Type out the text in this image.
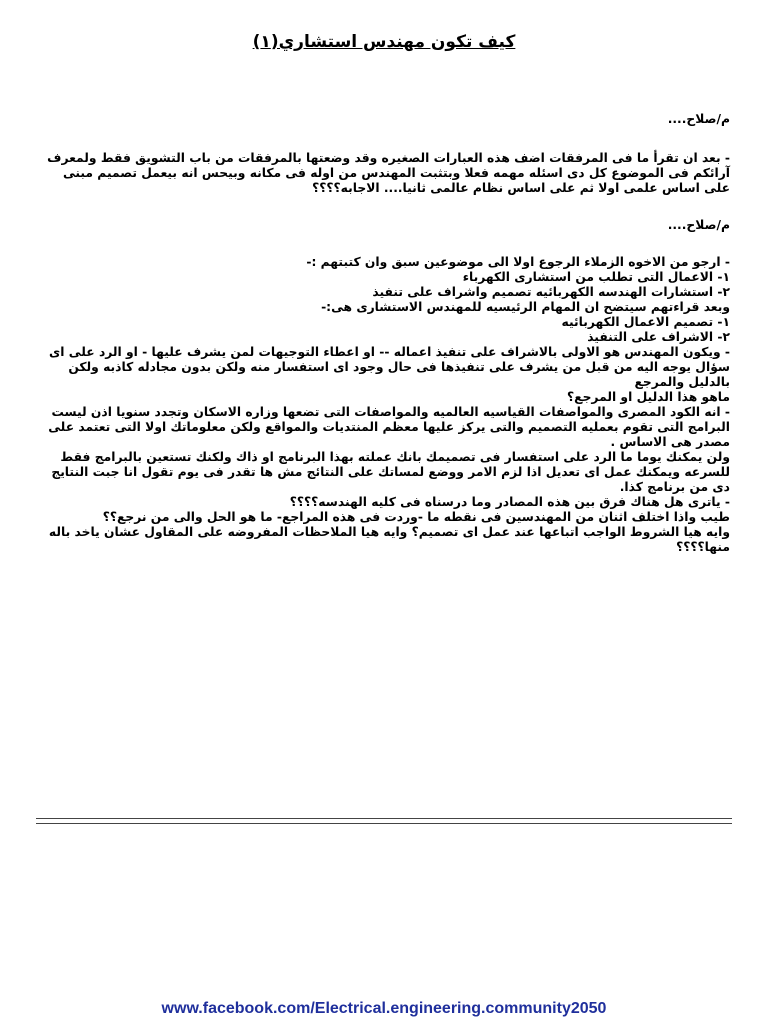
كيف تكون مهندس استشاري(١)

م/صلاح....

- بعد ان تقرأ ما فى المرفقات اضف هذه العبارات الصغيره وقد وضعتها بالمرفقات من باب التشويق فقط ولمعرف آرائكم فى الموضوع كل دى اسئله مهمه فعلا وبتثبت المهندس من اوله فى مكانه وبيحس انه بيعمل تصميم مبنى على اساس علمى اولا ثم على اساس نظام عالمى ثانيا.... الاجابه؟؟؟؟

م/صلاح....

- ارجو من الاخوه الزملاء الرجوع اولا الى موضوعين سبق وان كتبتهم :-

١- الاعمال التى تطلب من استشارى الكهرباء

٢- استشارات الهندسه الكهربائيه تصميم واشراف على تنفيذ

وبعد قراءتهم سيتضح ان المهام الرئيسيه للمهندس الاستشارى هى:-

١- تصميم الاعمال الكهربائيه

٢- الاشراف على التنفيذ

- ويكون المهندس هو الاولى بالاشراف على تنفيذ اعماله -- او اعطاء التوجيهات لمن يشرف عليها - او الرد على اى سؤال يوجه اليه من قبل من يشرف على تنفيذها فى حال وجود اى استفسار منه ولكن بدون مجادله كاذبه ولكن بالدليل والمرجع

ماهو هذا الدليل او المرجع؟

- انه الكود المصرى والمواصفات القياسيه العالميه والمواصفات التى تضعها وزاره الاسكان وتجدد سنويا اذن ليست البرامج التى تقوم بعمليه التصميم والتى يركز عليها معظم المنتديات والمواقع ولكن معلوماتك اولا التى تعتمد على مصدر هى الاساس .

ولن يمكنك يوما ما الرد على استفسار فى تصميمك بانك عملته بهذا البرنامج او ذاك ولكنك تستعين بالبرامج فقط للسرعه ويمكنك عمل اى تعديل اذا لزم الامر ووضع لمساتك على النتائج مش ها تقدر فى يوم تقول انا جبت النتايج دى من برنامج كذا.

- ياترى هل هناك فرق بين هذه المصادر وما درسناه فى كليه الهندسه؟؟؟؟

طيب واذا اختلف اثنان من المهندسين فى نقطه ما -وردت فى هذه المراجع- ما هو الحل والى من نرجع؟؟

وايه هيا الشروط الواجب اتباعها عند عمل اى تصميم؟ وايه هيا الملاحظات المفروضه على المقاول عشان ياخد باله منها؟؟؟؟

www.facebook.com/Electrical.engineering.community2050
